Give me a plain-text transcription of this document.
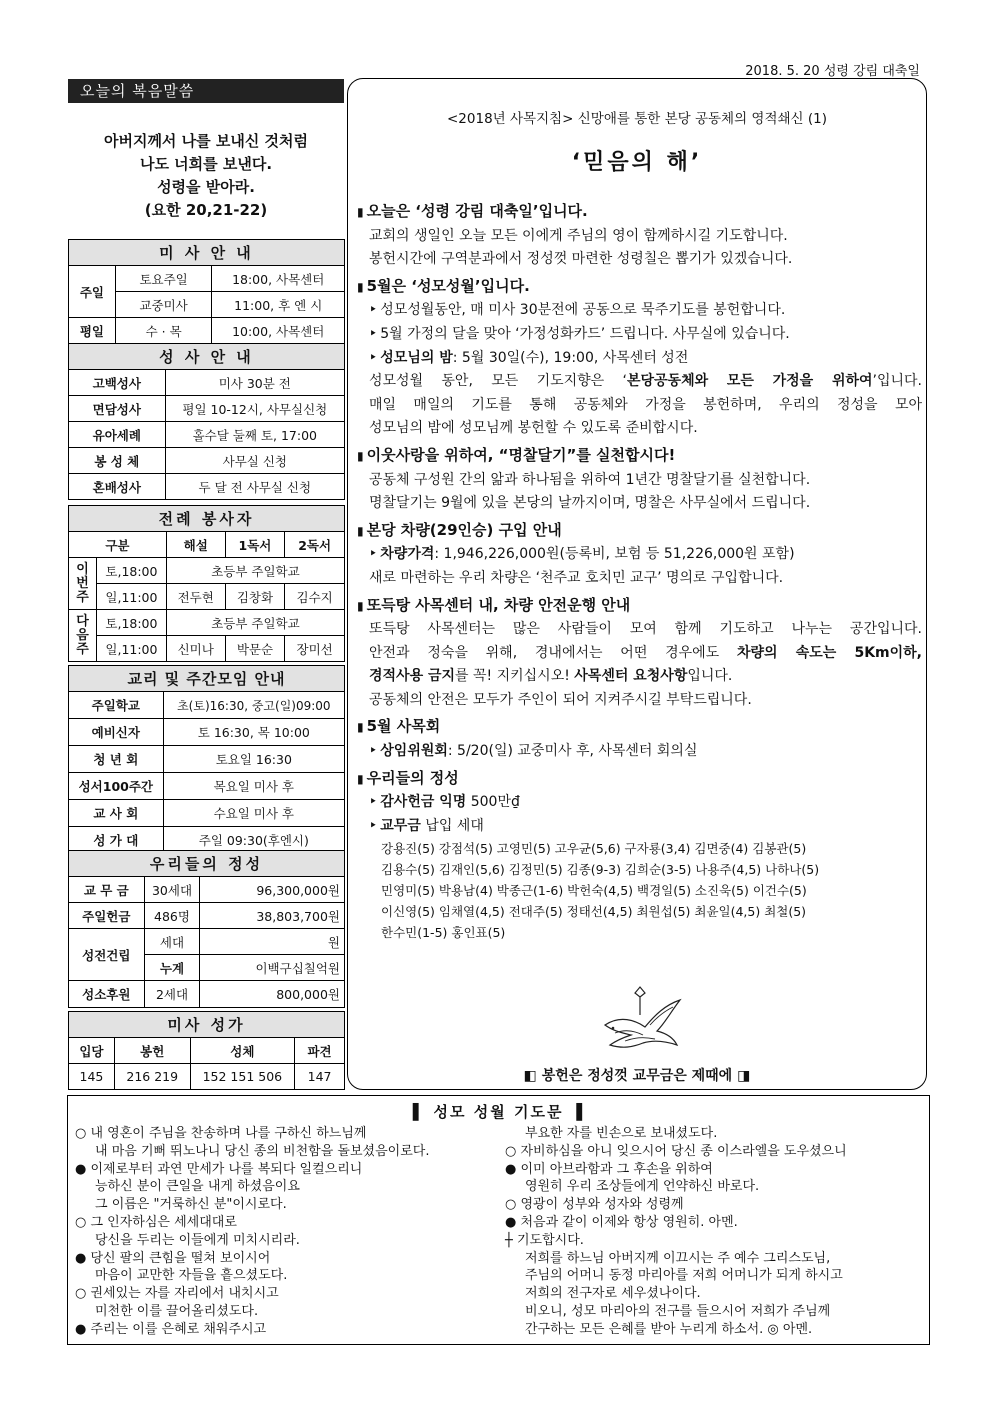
2018. 5. 20 성령 강림 대축일
오늘의 복음말씀
아버지께서 나를 보내신 것처럼
나도 너희를 보낸다.
성령을 받아라.
(요한 20,21-22)
미 사 안 내			
주일	토요주일		18:00, 사목센터
	교중미사		11:00, 후 엔 시
평일	수 · 목		10:00, 사목센터
성 사 안 내			
고백성사		미사 30분 전	
면담성사		평일 10-12시, 사무실신청	
유아세례		홀수달 둘째 토, 17:00	
봉 성 체		사무실 신청	
혼배성사		두 달 전 사무실 신청	
전례 봉사자				
구분		해설	1독서	2독서
이번주	토,18:00	초등부 주일학교		
	일,11:00	전두현	김창화	김수지
다음주	토,18:00	초등부 주일학교		
	일,11:00	신미나	박문순	장미선
교리 및 주간모임 안내	
주일학교	초(토)16:30, 중고(일)09:00
예비신자	토 16:30, 목 10:00
청 년 회	토요일 16:30
성서100주간	목요일 미사 후
교 사 회	수요일 미사 후
성 가 대	주일 09:30(후엔시)
우리들의 정성		
교 무 금	30세대	96,300,000원
주일헌금	486명	38,803,700원
성전건립	세대	원
	누계	이백구십칠억원
성소후원	2세대	800,000원
미사 성가			
입당	봉헌	성체	파견
145	216 219	152 151 506	147
<2018년 사목지침> 신망애를 통한 본당 공동체의 영적쇄신 (1)
‘믿음의 해’
▮ 오늘은 ‘성령 강림 대축일’입니다.
교회의 생일인 오늘 모든 이에게 주님의 영이 함께하시길 기도합니다.
봉헌시간에 구역분과에서 정성껏 마련한 성령칠은 뽑기가 있겠습니다.
▮ 5월은 ‘성모성월’입니다.
‣ 성모성월동안, 매 미사 30분전에 공동으로 묵주기도를 봉헌합니다.
‣ 5월 가정의 달을 맞아 ‘가정성화카드’ 드립니다. 사무실에 있습니다.
‣ 성모님의 밤: 5월 30일(수), 19:00, 사목센터 성전
성모성월 동안, 모든 기도지향은 ‘본당공동체와 모든 가정을 위하여’입니다.
매일 매일의 기도를 통해 공동체와 가정을 봉헌하며, 우리의 정성을 모아
성모님의 밤에 성모님께 봉헌할 수 있도록 준비합시다.
▮ 이웃사랑을 위하여, “명찰달기”를 실천합시다!
공동체 구성원 간의 앎과 하나됨을 위하여 1년간 명찰달기를 실천합니다.
명찰달기는 9월에 있을 본당의 날까지이며, 명찰은 사무실에서 드립니다.
▮ 본당 차량(29인승) 구입 안내
‣ 차량가격: 1,946,226,000원(등록비, 보험 등 51,226,000원 포함)
새로 마련하는 우리 차량은 ‘천주교 호치민 교구’ 명의로 구입합니다.
▮ 또득탕 사목센터 내, 차량 안전운행 안내
또득탕 사목센터는 많은 사람들이 모여 함께 기도하고 나누는 공간입니다.
안전과 정숙을 위해, 경내에서는 어떤 경우에도 차량의 속도는 5Km이하,
경적사용 금지를 꼭! 지키십시오! 사목센터 요청사항입니다.
공동체의 안전은 모두가 주인이 되어 지켜주시길 부탁드립니다.
▮ 5월 사목회
‣ 상임위원회: 5/20(일) 교중미사 후, 사목센터 회의실
▮ 우리들의 정성
‣ 감사헌금 익명 500만₫
‣ 교무금 납입 세대
강용진(5) 강점석(5) 고영민(5) 고우균(5,6) 구자룡(3,4) 김면중(4) 김봉관(5)
김용수(5) 김재인(5,6) 김정민(5) 김종(9-3) 김희순(3-5) 나용주(4,5) 나하나(5)
민영미(5) 박용남(4) 박종근(1-6) 박헌숙(4,5) 백경일(5) 소진욱(5) 이건수(5)
이신영(5) 임채열(4,5) 전대주(5) 정태선(4,5) 최원섭(5) 최윤일(4,5) 최철(5)
한수민(1-5) 홍인표(5)
◧ 봉헌은 정성껏 교무금은 제때에 ◨
▌ 성모 성월 기도문 ▐
○ 내 영혼이 주님을 찬송하며 나를 구하신 하느님께
내 마음 기뻐 뛰노나니 당신 종의 비천함을 돌보셨음이로다.
● 이제로부터 과연 만세가 나를 복되다 일컬으리니
능하신 분이 큰일을 내게 하셨음이요
그 이름은 "거룩하신 분"이시로다.
○ 그 인자하심은 세세대대로
당신을 두리는 이들에게 미치시리라.
● 당신 팔의 큰힘을 떨쳐 보이시어
마음이 교만한 자들을 흩으셨도다.
○ 권세있는 자를 자리에서 내치시고
미천한 이를 끌어올리셨도다.
● 주리는 이를 은혜로 채워주시고
부요한 자를 빈손으로 보내셨도다.
○ 자비하심을 아니 잊으시어 당신 종 이스라엘을 도우셨으니
● 이미 아브라함과 그 후손을 위하여
영원히 우리 조상들에게 언약하신 바로다.
○ 영광이 성부와 성자와 성령께
● 처음과 같이 이제와 항상 영원히. 아멘.
┼ 기도합시다.
저희를 하느님 아버지께 이끄시는 주 예수 그리스도님,
주님의 어머니 동정 마리아를 저희 어머니가 되게 하시고
저희의 전구자로 세우셨나이다.
비오니, 성모 마리아의 전구를 들으시어 저희가 주님께
간구하는 모든 은혜를 받아 누리게 하소서. ◎ 아멘.
